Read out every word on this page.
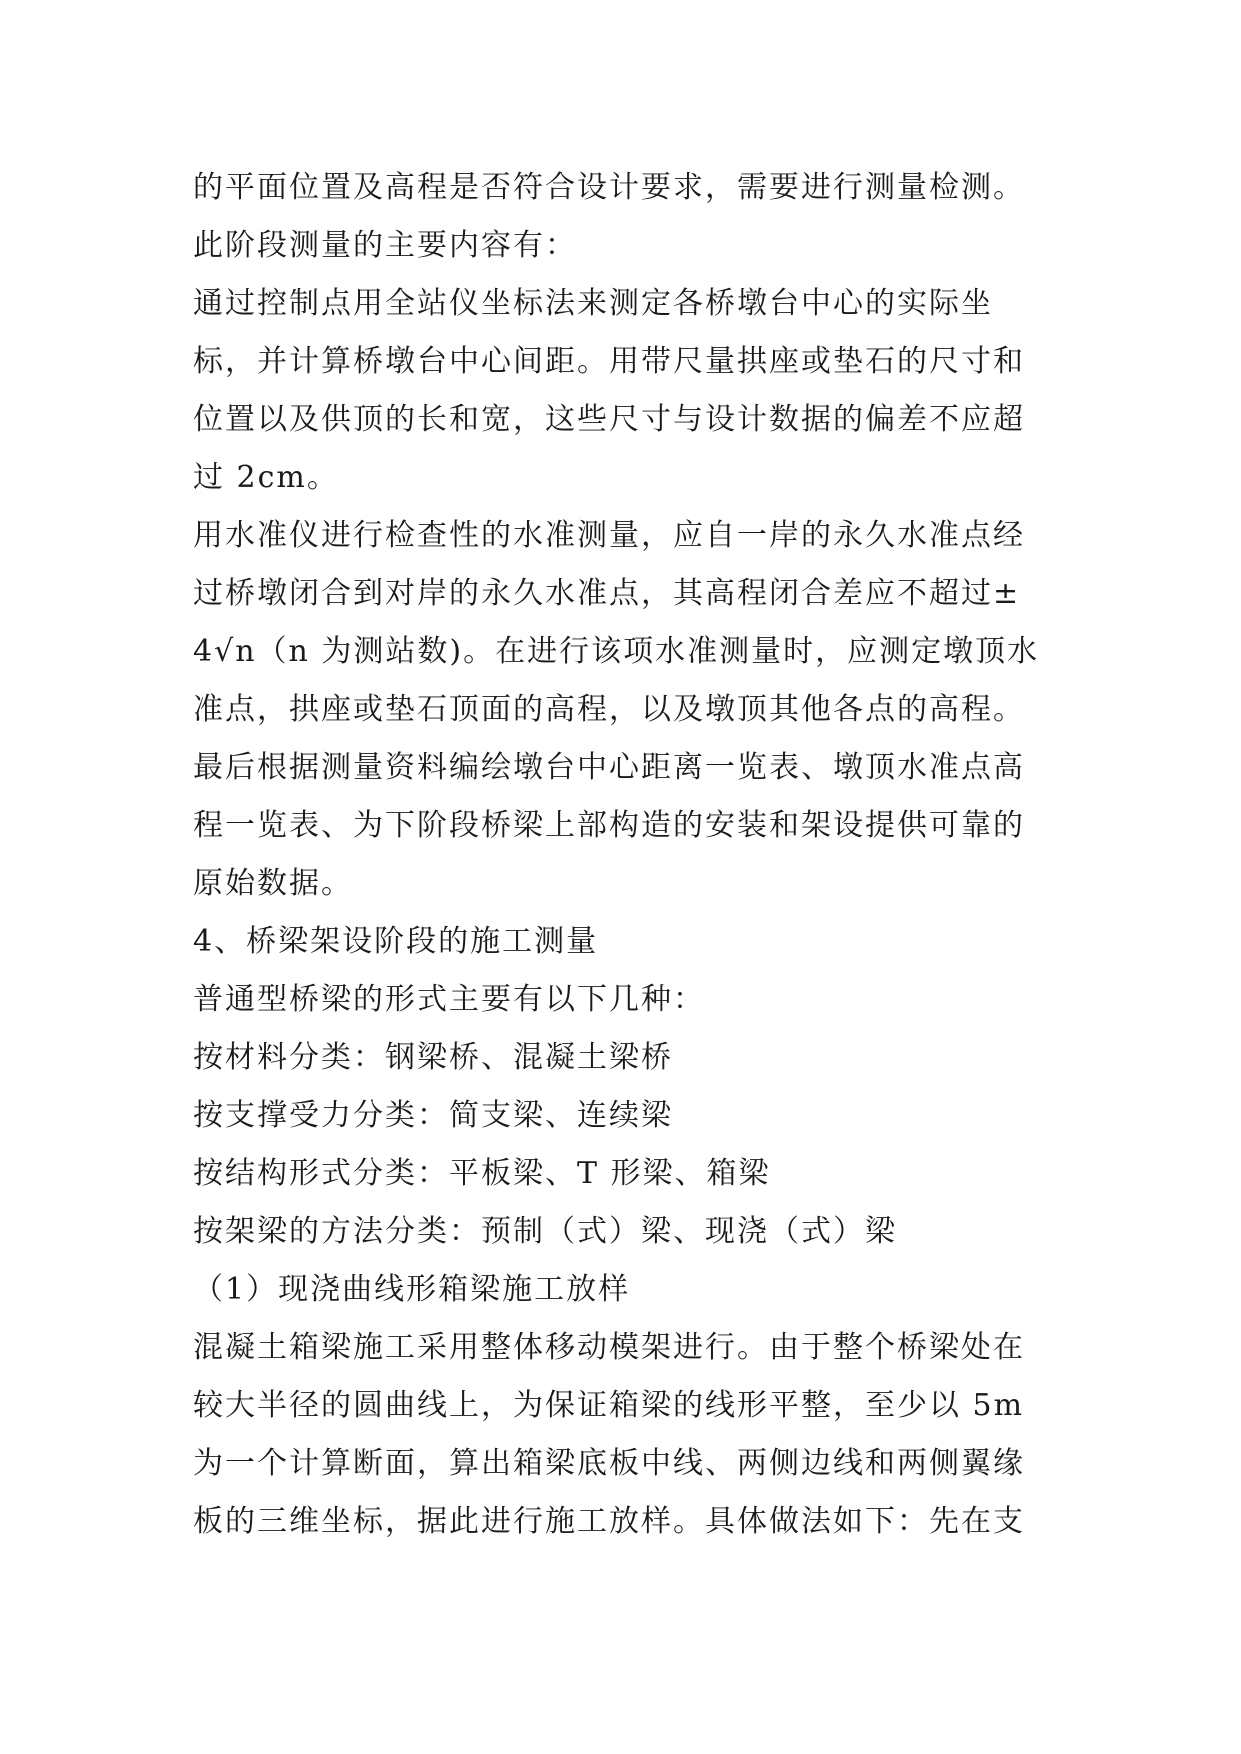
的平面位置及高程是否符合设计要求，需要进行测量检测。
此阶段测量的主要内容有：
通过控制点用全站仪坐标法来测定各桥墩台中心的实际坐
标，并计算桥墩台中心间距。用带尺量拱座或垫石的尺寸和
位置以及供顶的长和宽，这些尺寸与设计数据的偏差不应超
过 2cm。
用水准仪进行检查性的水准测量，应自一岸的永久水准点经
过桥墩闭合到对岸的永久水准点，其高程闭合差应不超过±
4√n（n 为测站数)。在进行该项水准测量时，应测定墩顶水
准点，拱座或垫石顶面的高程，以及墩顶其他各点的高程。
最后根据测量资料编绘墩台中心距离一览表、墩顶水准点高
程一览表、为下阶段桥梁上部构造的安装和架设提供可靠的
原始数据。
4、桥梁架设阶段的施工测量
普通型桥梁的形式主要有以下几种：
按材料分类：钢梁桥、混凝土梁桥
按支撑受力分类：简支梁、连续梁
按结构形式分类：平板梁、T 形梁、箱梁
按架梁的方法分类：预制（式）梁、现浇（式）梁
（1）现浇曲线形箱梁施工放样
混凝土箱梁施工采用整体移动模架进行。由于整个桥梁处在
较大半径的圆曲线上，为保证箱梁的线形平整，至少以 5m
为一个计算断面，算出箱梁底板中线、两侧边线和两侧翼缘
板的三维坐标，据此进行施工放样。具体做法如下：先在支
